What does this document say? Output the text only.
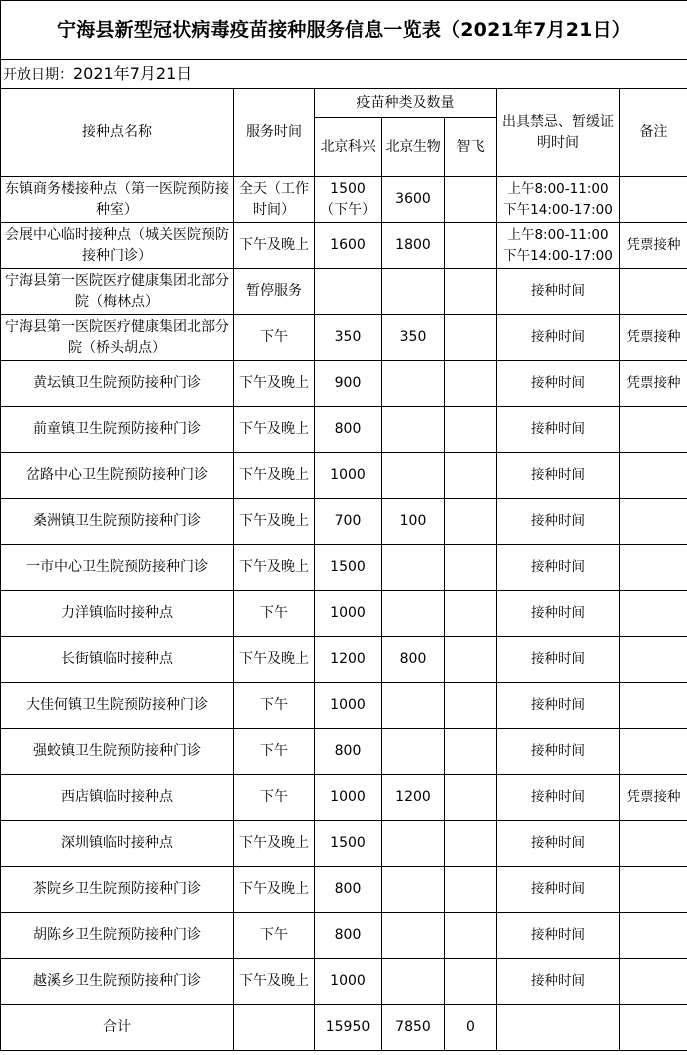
宁海县新型冠状病毒疫苗接种服务信息一览表（2021年7月21日）						
开放日期：2021年7月21日						
接种点名称	服务时间	疫苗种类及数量			出具禁忌、暂缓证明时间	备注
		北京科兴	北京生物	智飞		
东镇商务楼接种点（第一医院预防接种室）	全天（工作时间）	1500（下午）	3600		上午8:00-11:00 下午14:00-17:00	
会展中心临时接种点（城关医院预防接种门诊）	下午及晚上	1600	1800		上午8:00-11:00 下午14:00-17:00	凭票接种
宁海县第一医院医疗健康集团北部分院（梅林点）	暂停服务				接种时间	
宁海县第一医院医疗健康集团北部分院（桥头胡点）	下午	350	350		接种时间	凭票接种
黄坛镇卫生院预防接种门诊	下午及晚上	900			接种时间	凭票接种
前童镇卫生院预防接种门诊	下午及晚上	800			接种时间	
岔路中心卫生院预防接种门诊	下午及晚上	1000			接种时间	
桑洲镇卫生院预防接种门诊	下午及晚上	700	100		接种时间	
一市中心卫生院预防接种门诊	下午及晚上	1500			接种时间	
力洋镇临时接种点	下午	1000			接种时间	
长街镇临时接种点	下午及晚上	1200	800		接种时间	
大佳何镇卫生院预防接种门诊	下午	1000			接种时间	
强蛟镇卫生院预防接种门诊	下午	800			接种时间	
西店镇临时接种点	下午	1000	1200		接种时间	凭票接种
深圳镇临时接种点	下午及晚上	1500			接种时间	
茶院乡卫生院预防接种门诊	下午及晚上	800			接种时间	
胡陈乡卫生院预防接种门诊	下午	800			接种时间	
越溪乡卫生院预防接种门诊	下午及晚上	1000			接种时间	
合计		15950	7850	0		
